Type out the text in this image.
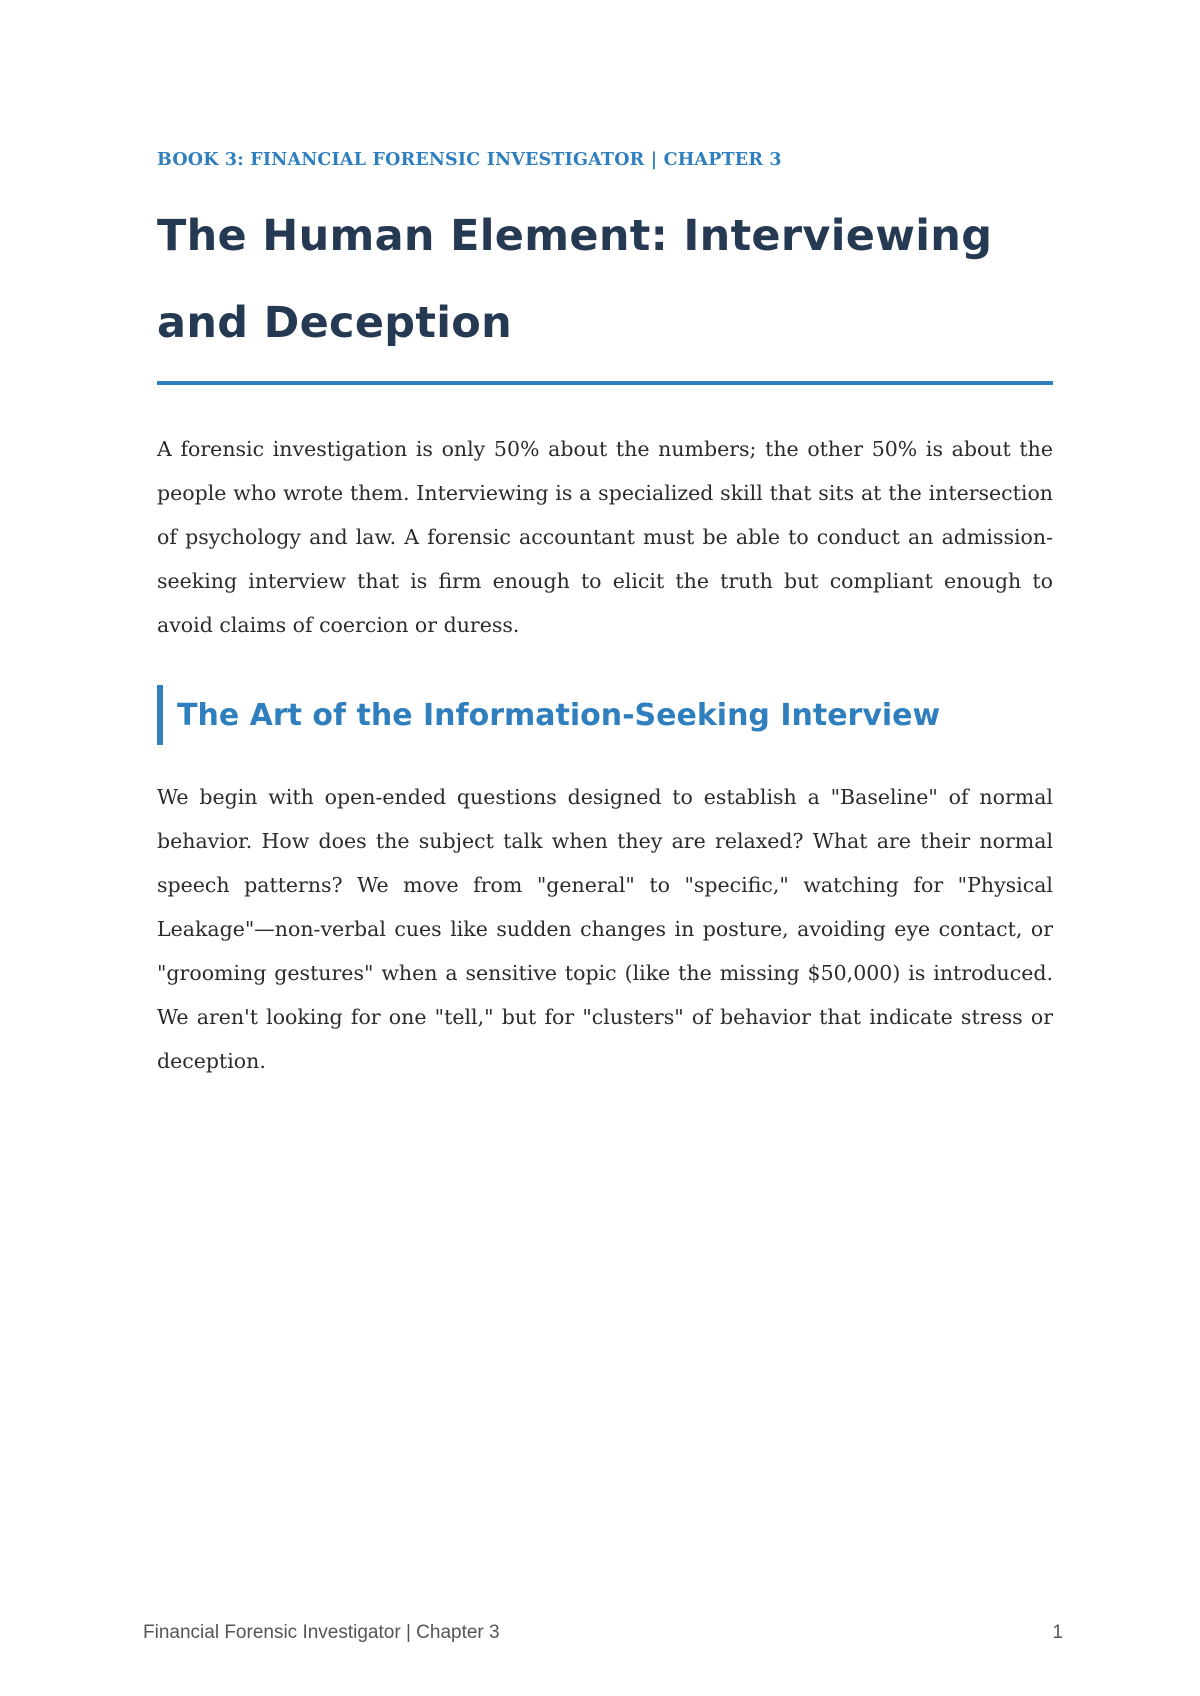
BOOK 3: FINANCIAL FORENSIC INVESTIGATOR | CHAPTER 3

The Human Element: Interviewing
and Deception

A forensic investigation is only 50% about the numbers; the other 50% is about the people who wrote them. Interviewing is a specialized skill that sits at the intersection of psychology and law. A forensic accountant must be able to conduct an admission-seeking interview that is firm enough to elicit the truth but compliant enough to avoid claims of coercion or duress.

The Art of the Information-Seeking Interview

We begin with open-ended questions designed to establish a "Baseline" of normal behavior. How does the subject talk when they are relaxed? What are their normal speech patterns? We move from "general" to "specific," watching for "Physical Leakage"—non-verbal cues like sudden changes in posture, avoiding eye contact, or "grooming gestures" when a sensitive topic (like the missing $50,000) is introduced. We aren't looking for one "tell," but for "clusters" of behavior that indicate stress or deception.

Financial Forensic Investigator | Chapter 3	1
